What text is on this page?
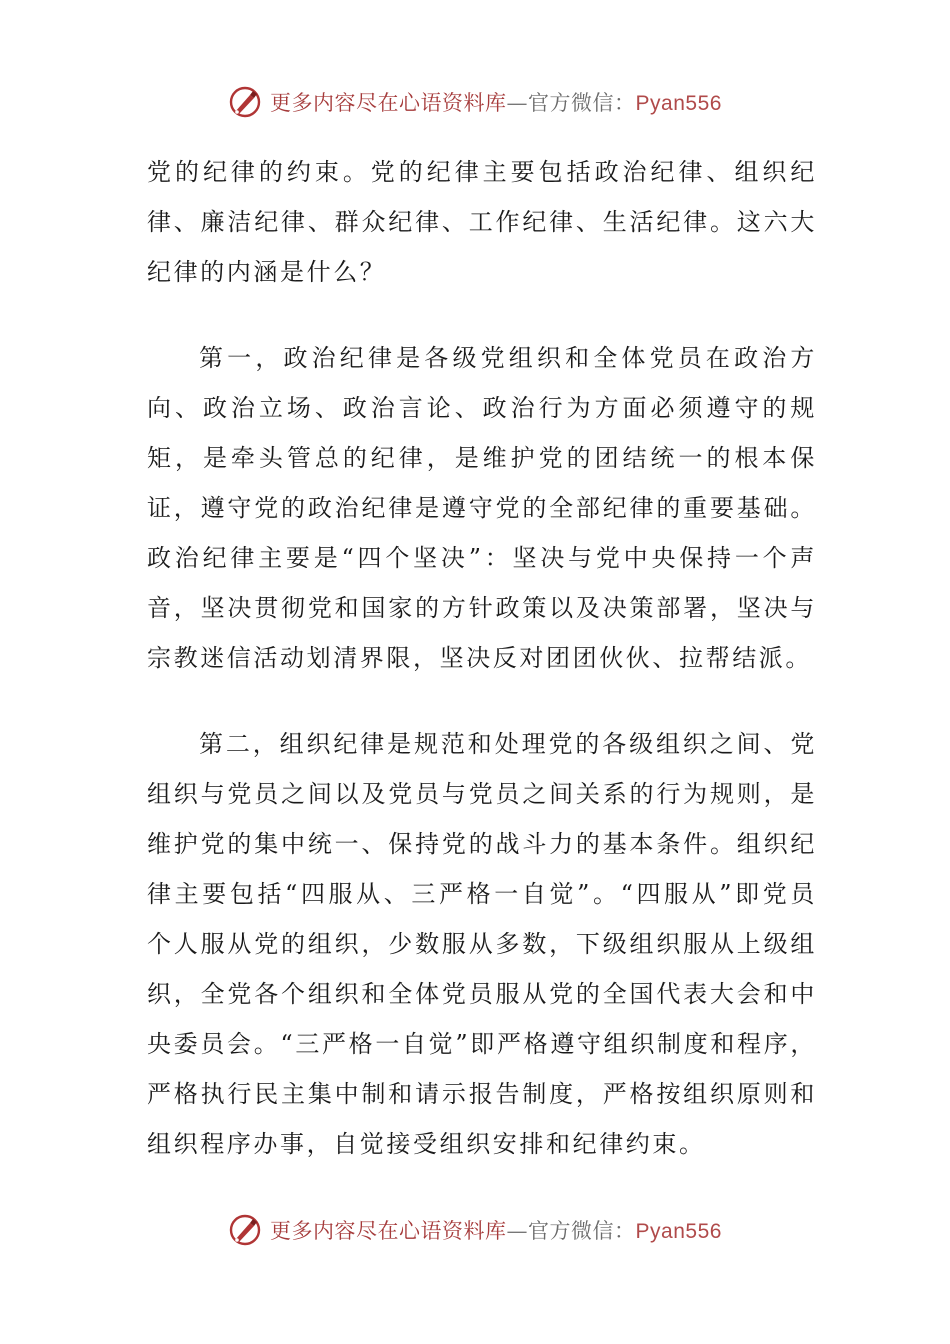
更多内容尽在心语资料库—官方微信：Pyan556

党的纪律的约束。党的纪律主要包括政治纪律、组织纪律、廉洁纪律、群众纪律、工作纪律、生活纪律。这六大纪律的内涵是什么？

第一，政治纪律是各级党组织和全体党员在政治方向、政治立场、政治言论、政治行为方面必须遵守的规矩，是牵头管总的纪律，是维护党的团结统一的根本保证，遵守党的政治纪律是遵守党的全部纪律的重要基础。政治纪律主要是“四个坚决”：坚决与党中央保持一个声音，坚决贯彻党和国家的方针政策以及决策部署，坚决与宗教迷信活动划清界限，坚决反对团团伙伙、拉帮结派。

第二，组织纪律是规范和处理党的各级组织之间、党组织与党员之间以及党员与党员之间关系的行为规则，是维护党的集中统一、保持党的战斗力的基本条件。组织纪律主要包括“四服从、三严格一自觉”。“四服从”即党员个人服从党的组织，少数服从多数，下级组织服从上级组织，全党各个组织和全体党员服从党的全国代表大会和中央委员会。“三严格一自觉”即严格遵守组织制度和程序，严格执行民主集中制和请示报告制度，严格按组织原则和组织程序办事，自觉接受组织安排和纪律约束。

更多内容尽在心语资料库—官方微信：Pyan556
